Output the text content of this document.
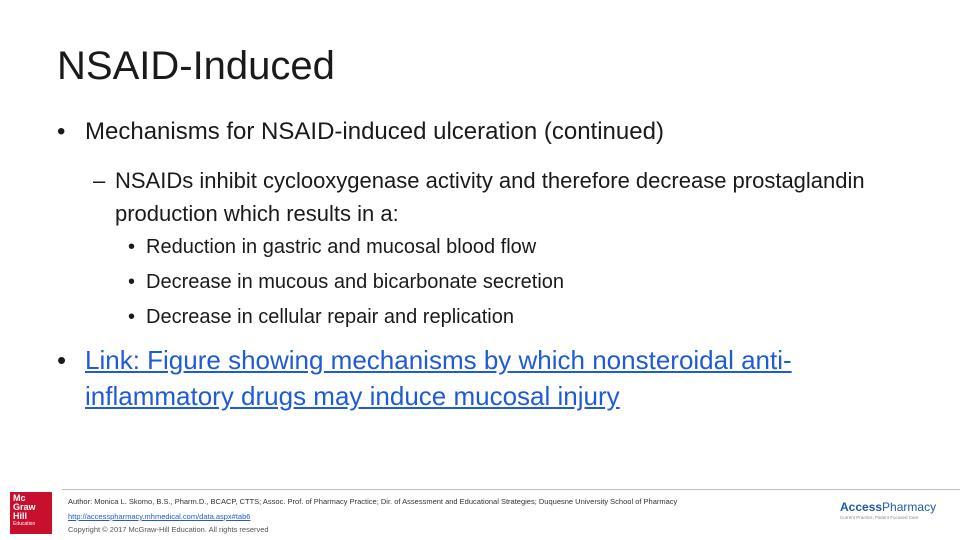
NSAID-Induced
• Mechanisms for NSAID-induced ulceration (continued)
– NSAIDs inhibit cyclooxygenase activity and therefore decrease prostaglandin production which results in a:
• Reduction in gastric and mucosal blood flow
• Decrease in mucous and bicarbonate secretion
• Decrease in cellular repair and replication
• Link: Figure showing mechanisms by which nonsteroidal anti-inflammatory drugs may induce mucosal injury
Mc
Graw
Hill
Education
Author: Monica L. Skomo, B.S., Pharm.D., BCACP, CTTS; Assoc. Prof. of Pharmacy Practice; Dir. of Assessment and Educational Strategies; Duquesne University School of Pharmacy
http://accesspharmacy.mhmedical.com/data.aspx#tab6
Copyright © 2017 McGraw-Hill Education. All rights reserved
AccessPharmacy
Current Practice, Patient Focused Care
